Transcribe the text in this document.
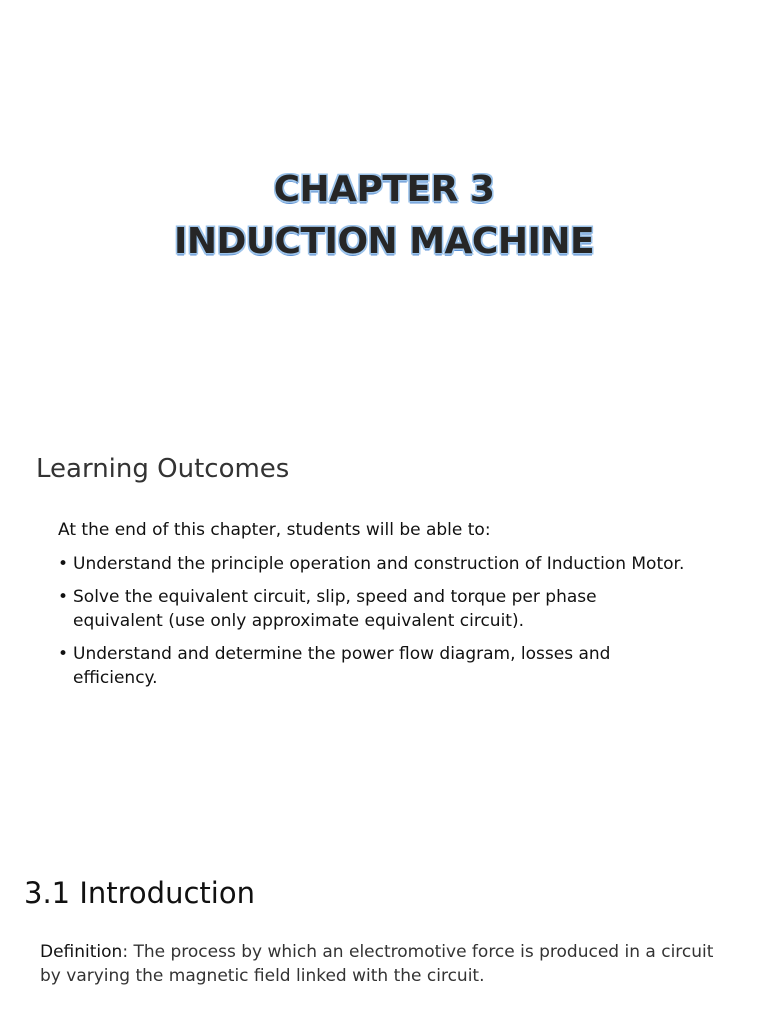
CHAPTER 3
INDUCTION MACHINE
Learning Outcomes

At the end of this chapter, students will be able to:

• Understand the principle operation and construction of Induction Motor.
• Solve the equivalent circuit, slip, speed and torque per phase equivalent (use only approximate equivalent circuit).
• Understand and determine the power flow diagram, losses and efficiency.
3.1 Introduction

Definition: The process by which an electromotive force is produced in a circuit by varying the magnetic field linked with the circuit.
